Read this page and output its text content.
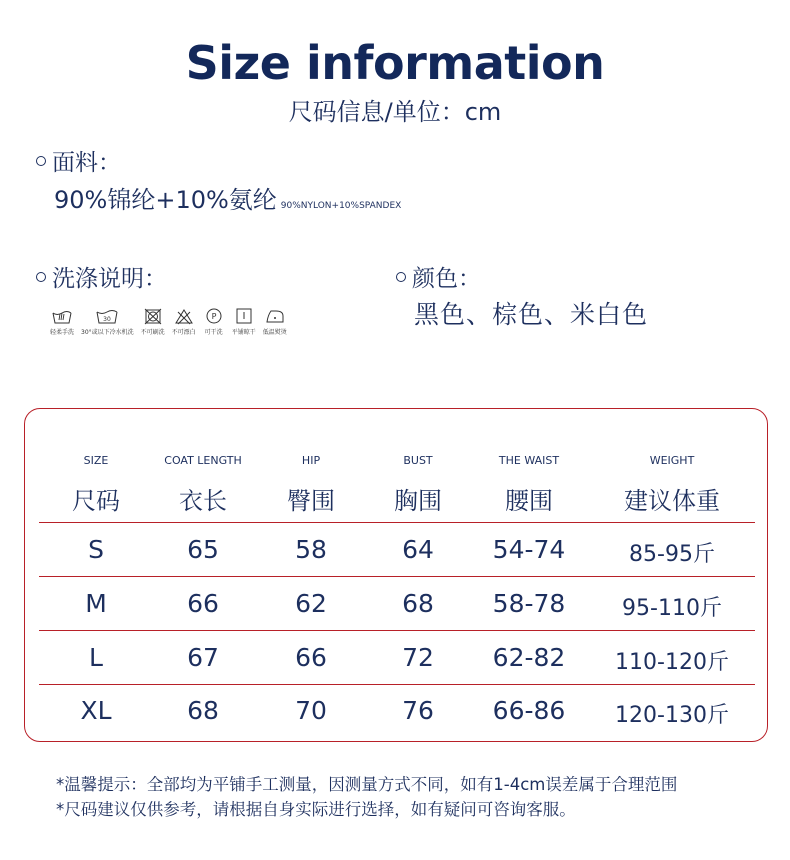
Size information
尺码信息/单位：cm
面料：
90%锦纶+10%氨纶 90%NYLON+10%SPANDEX
洗涤说明：
轻柔手洗
30
30°或以下冷水机洗 不可刷洗 不可漂白
P
可干洗 平铺晾干 低温熨烫
颜色：
黑色、棕色、米白色
SIZE	COAT LENGTH	HIP	BUST	THE WAIST	WEIGHT
尺码	衣长	臀围	胸围	腰围	建议体重
S	65	58	64	54-74	85-95斤
M	66	62	68	58-78	95-110斤
L	67	66	72	62-82	110-120斤
XL	68	70	76	66-86	120-130斤
*温馨提示：全部均为平铺手工测量，因测量方式不同，如有1-4cm误差属于合理范围
*尺码建议仅供参考，请根据自身实际进行选择，如有疑问可咨询客服。
